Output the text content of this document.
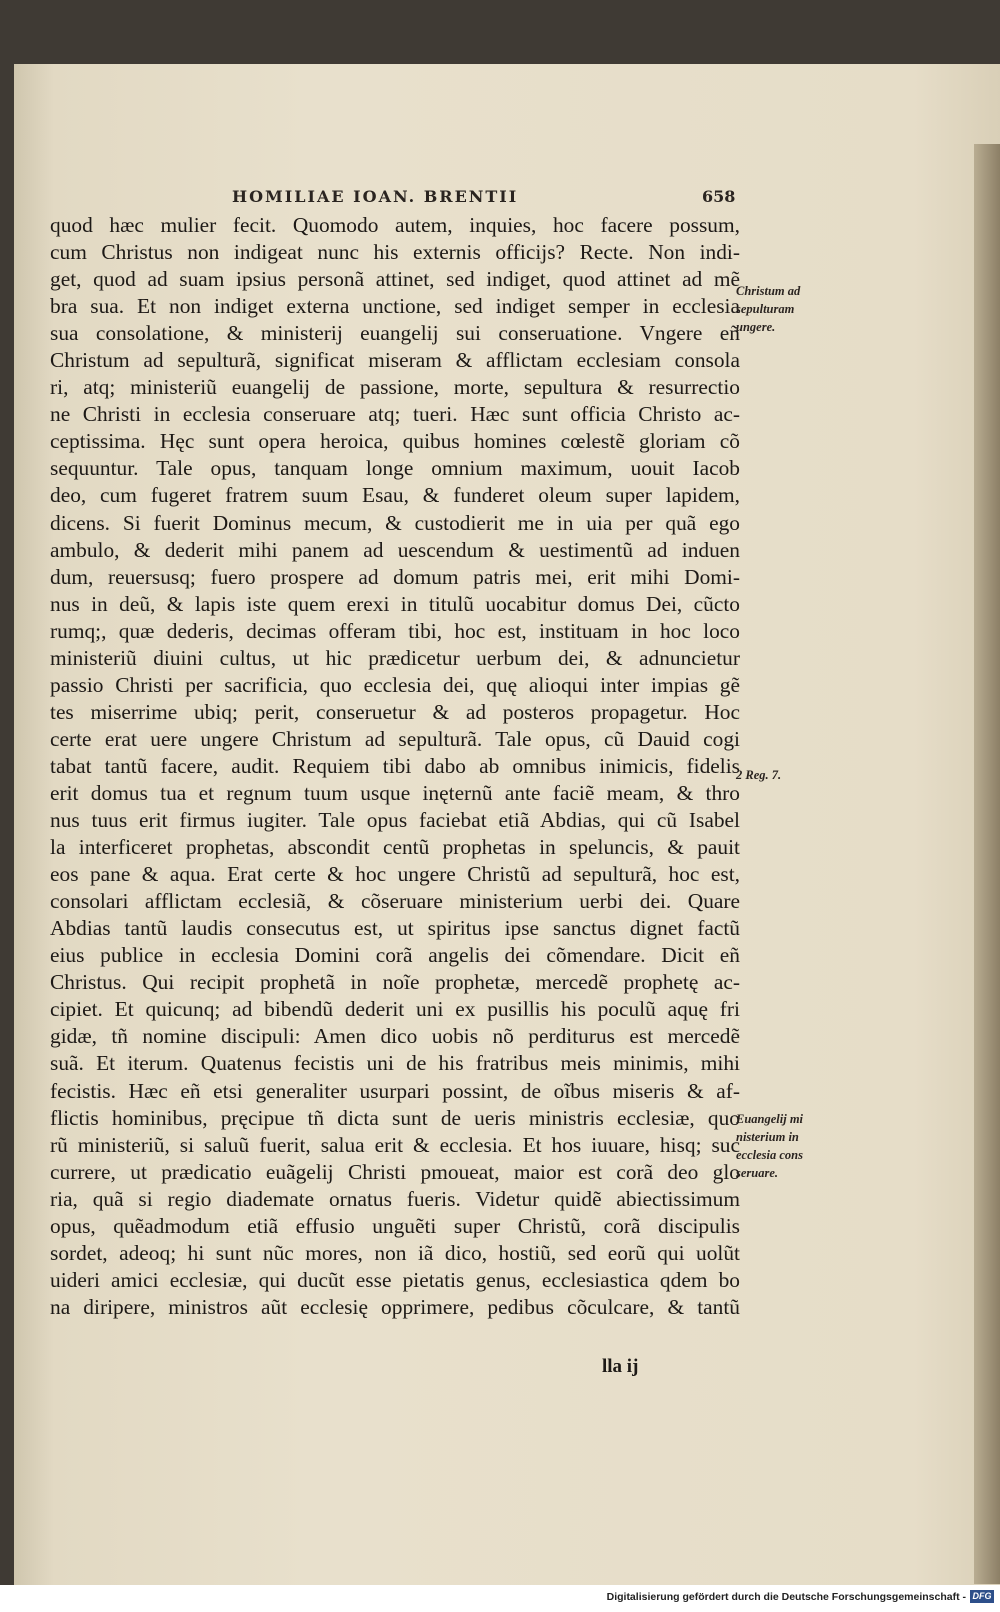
HOMILIAE IOAN. BRENTII	658
quod hæc mulier fecit. Quomodo autem, inquies, hoc facere possum,
cum Christus non indigeat nunc his externis officijs? Recte. Non indi-
get, quod ad suam ipsius personã attinet, sed indiget, quod attinet ad mẽ
bra sua. Et non indiget externa unctione, sed indiget semper in ecclesia
sua consolatione, & ministerij euangelij sui conseruatione. Vngere eñ
Christum ad sepulturã, significat miseram & afflictam ecclesiam consola
ri, atq; ministeriũ euangelij de passione, morte, sepultura & resurrectio
ne Christi in ecclesia conseruare atq; tueri. Hæc sunt officia Christo ac-
ceptissima. Hęc sunt opera heroica, quibus homines cœlestẽ gloriam cõ
sequuntur. Tale opus, tanquam longe omnium maximum, uouit Iacob
deo, cum fugeret fratrem suum Esau, & funderet oleum super lapidem,
dicens. Si fuerit Dominus mecum, & custodierit me in uia per quã ego
ambulo, & dederit mihi panem ad uescendum & uestimentũ ad induen
dum, reuersusq; fuero prospere ad domum patris mei, erit mihi Domi-
nus in deũ, & lapis iste quem erexi in titulũ uocabitur domus Dei, cũcto
rumq;, quæ dederis, decimas offeram tibi, hoc est, instituam in hoc loco
ministeriũ diuini cultus, ut hic prædicetur uerbum dei, & adnuncietur
passio Christi per sacrificia, quo ecclesia dei, quę alioqui inter impias gẽ
tes miserrime ubiq; perit, conseruetur & ad posteros propagetur. Hoc
certe erat uere ungere Christum ad sepulturã. Tale opus, cũ Dauid cogi
tabat tantũ facere, audit. Requiem tibi dabo ab omnibus inimicis, fidelis
erit domus tua et regnum tuum usque inęternũ ante faciẽ meam, & thro
nus tuus erit firmus iugiter. Tale opus faciebat etiã Abdias, qui cũ Isabel
la interficeret prophetas, abscondit centũ prophetas in speluncis, & pauit
eos pane & aqua. Erat certe & hoc ungere Christũ ad sepulturã, hoc est,
consolari afflictam ecclesiã, & cõseruare ministerium uerbi dei. Quare
Abdias tantũ laudis consecutus est, ut spiritus ipse sanctus dignet factũ
eius publice in ecclesia Domini corã angelis dei cõmendare. Dicit eñ
Christus. Qui recipit prophetã in noĩe prophetæ, mercedẽ prophetę ac-
cipiet. Et quicunq; ad bibendũ dederit uni ex pusillis his poculũ aquę fri
gidæ, tñ nomine discipuli: Amen dico uobis nõ perditurus est mercedẽ
suã. Et iterum. Quatenus fecistis uni de his fratribus meis minimis, mihi
fecistis. Hæc eñ etsi generaliter usurpari possint, de oĩbus miseris & af-
flictis hominibus, pręcipue tñ dicta sunt de ueris ministris ecclesiæ, quo
rũ ministeriũ, si saluũ fuerit, salua erit & ecclesia. Et hos iuuare, hisq; suc
currere, ut prædicatio euãgelij Christi pmoueat, maior est corã deo glo
ria, quã si regio diademate ornatus fueris. Videtur quidẽ abiectissimum
opus, quẽadmodum etiã effusio unguẽti super Christũ, corã discipulis
sordet, adeoq; hi sunt nũc mores, non iã dico, hostiũ, sed eorũ qui uolũt
uideri amici ecclesiæ, qui ducũt esse pietatis genus, ecclesiastica qdem bo
na diripere, ministros aũt ecclesię opprimere, pedibus cõculcare, & tantũ
Christum ad
sepulturam
ungere.
2 Reg. 7.
Euangelij mi
nisterium in
ecclesia cons
seruare.
lla ij
Digitalisierung gefördert durch die Deutsche Forschungsgemeinschaft - DFG
